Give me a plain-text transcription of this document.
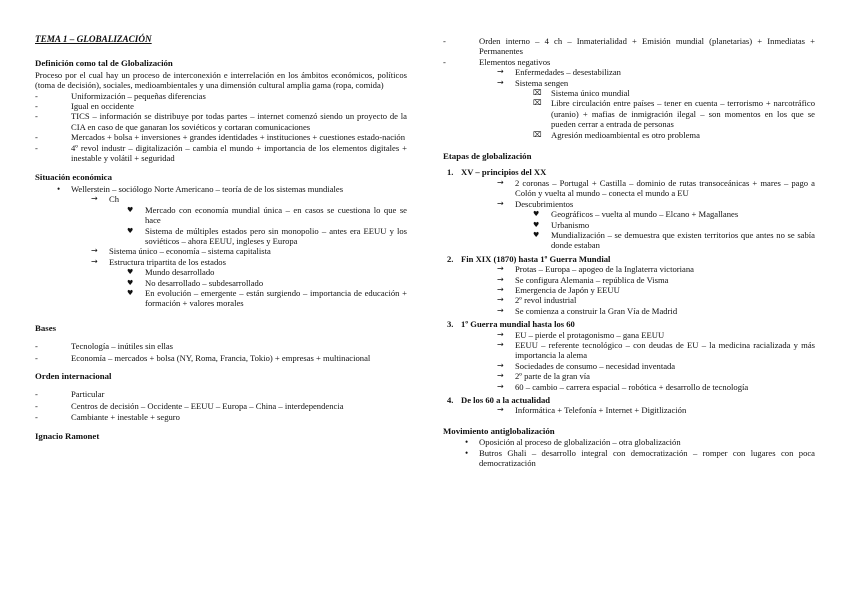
TEMA 1 – GLOBALIZACIÓN

Definición como tal de Globalización

Proceso por el cual hay un proceso de interconexión e interrelación en los ámbitos económicos, políticos (toma de decisión), sociales, medioambientales y una dimensión cultural amplia gama (ropa, comida)

- Uniformización – pequeñas diferencias
- Igual en occidente
- TICS – información se distribuye por todas partes – internet comenzó siendo un proyecto de la CIA en caso de que ganaran los soviéticos y cortaran comunicaciones
- Mercados + bolsa + inversiones + grandes identidades + instituciones + cuestiones estado-nación
- 4º revol industr – digitalización – cambia el mundo + importancia de los elementos digitales + inestable y volátil + seguridad

Situación económica

• Wellerstein – sociólogo Norte Americano – teoría de de los sistemas mundiales
→ Ch
♥ Mercado con economía mundial única – en casos se cuestiona lo que se hace
♥ Sistema de múltiples estados pero sin monopolio – antes era EEUU y los soviéticos – ahora EEUU, ingleses y Europa
→ Sistema único – economía – sistema capitalista
→ Estructura tripartita de los estados
♥ Mundo desarrollado
♥ No desarrollado – subdesarrollado
♥ En evolución – emergente – están surgiendo – importancia de educación + formación + valores morales

Bases

- Tecnología – inútiles sin ellas
- Economía – mercados + bolsa (NY, Roma, Francia, Tokio) + empresas + multinacional

Orden internacional

- Particular
- Centros de decisión – Occidente – EEUU – Europa – China – interdependencia
- Cambiante + inestable + seguro

Ignacio Ramonet

- Orden interno – 4 ch – Inmaterialidad + Emisión mundial (planetarias) + Inmediatas + Permanentes
- Elementos negativos
→ Enfermedades – desestabilizan
→ Sistema sengen
⌧ Sistema único mundial
⌧ Libre circulación entre países – tener en cuenta – terrorismo + narcotráfico (uranio) + mafias de inmigración ilegal – son momentos en los que se pueden cerrar a entrada de personas
⌧ Agresión medioambiental es otro problema

Etapas de globalización

1. XV – principios del XX
→ 2 coronas – Portugal + Castilla – dominio de rutas transoceánicas + mares – pago a Colón y vuelta al mundo – conecta el mundo a EU
→ Descubrimientos
♥ Geográficos – vuelta al mundo – Elcano + Magallanes
♥ Urbanismo
♥ Mundialización – se demuestra que existen territorios que antes no se sabía donde estaban
2. Fin XIX (1870) hasta 1º Guerra Mundial
→ Protas – Europa – apogeo de la Inglaterra victoriana
→ Se configura Alemania – república de Visma
→ Emergencia de Japón y EEUU
→ 2º revol industrial
→ Se comienza a construir la Gran Vía de Madrid
3. 1º Guerra mundial hasta los 60
→ EU – pierde el protagonismo – gana EEUU
→ EEUU – referente tecnológico – con deudas de EU – la medicina racializada y más importancia la alema
→ Sociedades de consumo – necesidad inventada
→ 2º parte de la gran vía
→ 60 – cambio – carrera espacial – robótica + desarrollo de tecnología
4. De los 60 a la actualidad
→ Informática + Telefonía + Internet + Digitlización

Movimiento antiglobalización

• Oposición al proceso de globalización – otra globalización
• Butros Ghali – desarrollo integral con democratización – romper con lugares con poca democratización
